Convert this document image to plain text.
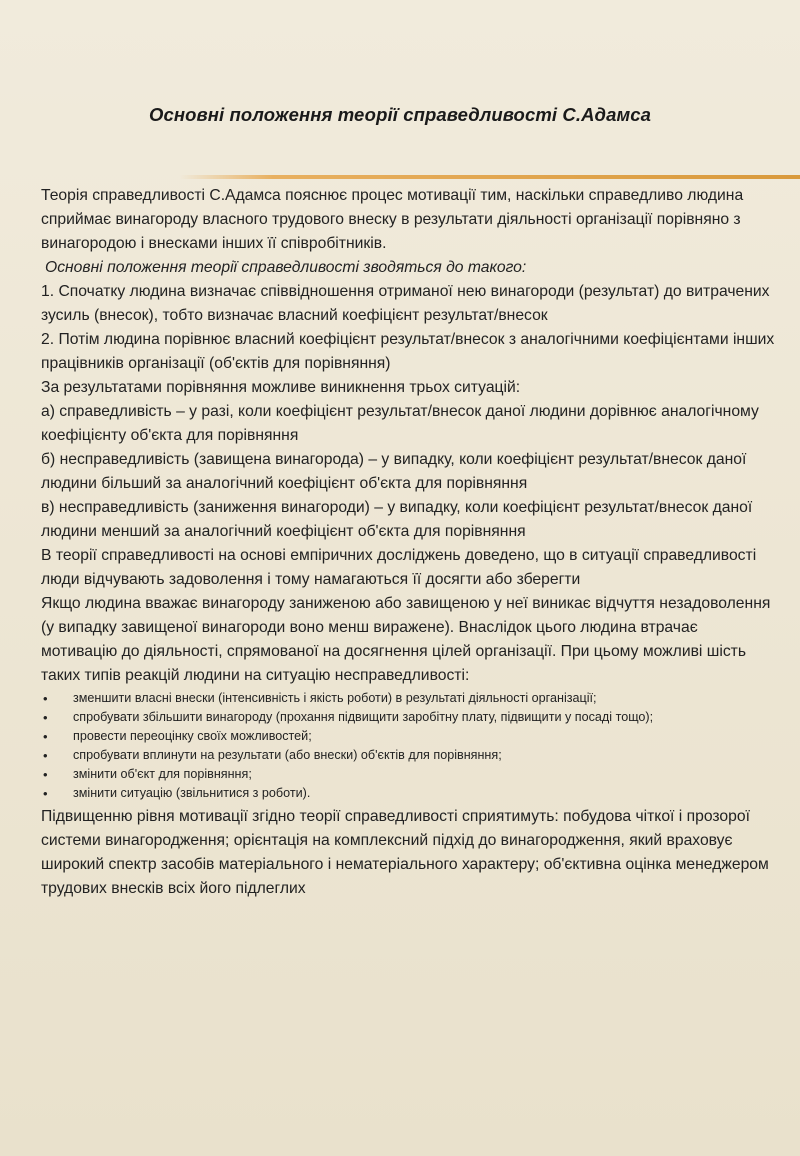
Основні положення теорії справедливості С.Адамса

Теорія справедливості С.Адамса пояснює процес мотивації тим, наскільки справедливо людина сприймає винагороду власного трудового внеску в результати діяльності організації порівняно з винагородою і внесками інших її співробітників.

Основні положення теорії справедливості зводяться до такого:

1. Спочатку людина визначає співвідношення отриманої нею винагороди (результат) до витрачених зусиль (внесок), тобто визначає власний коефіцієнт результат/внесок

2. Потім людина порівнює власний коефіцієнт результат/внесок з аналогічними коефіцієнтами інших працівників організації (об'єктів для порівняння)

За результатами порівняння можливе виникнення трьох ситуацій:

а) справедливість – у разі, коли коефіцієнт результат/внесок даної людини дорівнює аналогічному коефіцієнту об'єкта для порівняння

б) несправедливість (завищена винагорода) – у випадку, коли коефіцієнт результат/внесок даної людини більший за аналогічний коефіцієнт об'єкта для порівняння

в) несправедливість (заниження винагороди) – у випадку, коли коефіцієнт результат/внесок даної людини менший за аналогічний коефіцієнт об'єкта для порівняння

В теорії справедливості на основі емпіричних досліджень доведено, що в ситуації справедливості люди відчувають задоволення і тому намагаються її досягти або зберегти

Якщо людина вважає винагороду заниженою або завищеною у неї виникає відчуття незадоволення (у випадку завищеної винагороди воно менш виражене). Внаслідок цього людина втрачає мотивацію до діяльності, спрямованої на досягнення цілей організації. При цьому можливі шість таких типів реакцій людини на ситуацію несправедливості:

• зменшити власні внески (інтенсивність і якість роботи) в результаті діяльності організації;
• спробувати збільшити винагороду (прохання підвищити заробітну плату, підвищити у посаді тощо);
• провести переоцінку своїх можливостей;
• спробувати вплинути на результати (або внески) об'єктів для порівняння;
• змінити об'єкт для порівняння;
• змінити ситуацію (звільнитися з роботи).

Підвищенню рівня мотивації згідно теорії справедливості сприятимуть: побудова чіткої і прозорої системи винагородження; орієнтація на комплексний підхід до винагородження, який враховує широкий спектр засобів матеріального і нематеріального характеру; об'єктивна оцінка менеджером трудових внесків всіх його підлеглих
